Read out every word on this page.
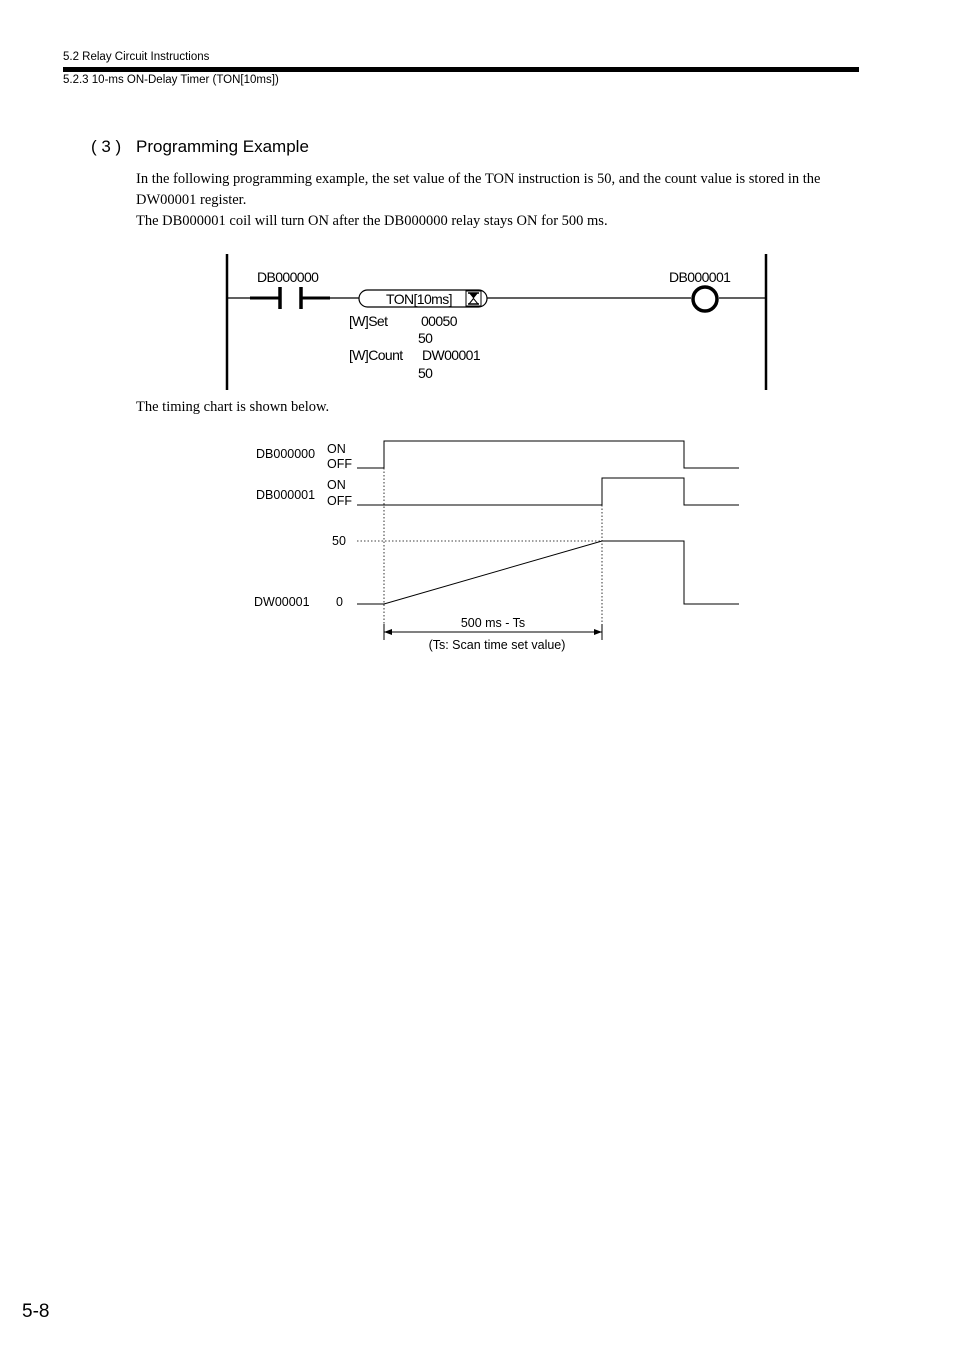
5.2 Relay Circuit Instructions
5.2.3 10-ms ON-Delay Timer (TON[10ms])
( 3 ) Programming Example
In the following programming example, the set value of the TON instruction is 50, and the count value is stored in the DW00001 register.
The DB000001 coil will turn ON after the DB000000 relay stays ON for 500 ms.
DB000000
TON[10ms]
[W]Set 00050
50
[W]Count DW00001
50
DB000001
The timing chart is shown below.
DB000000 ON
OFF
DB000001
ON
OFF
50
DW00001 0
500 ms - Ts
(Ts: Scan time set value)
5-8
